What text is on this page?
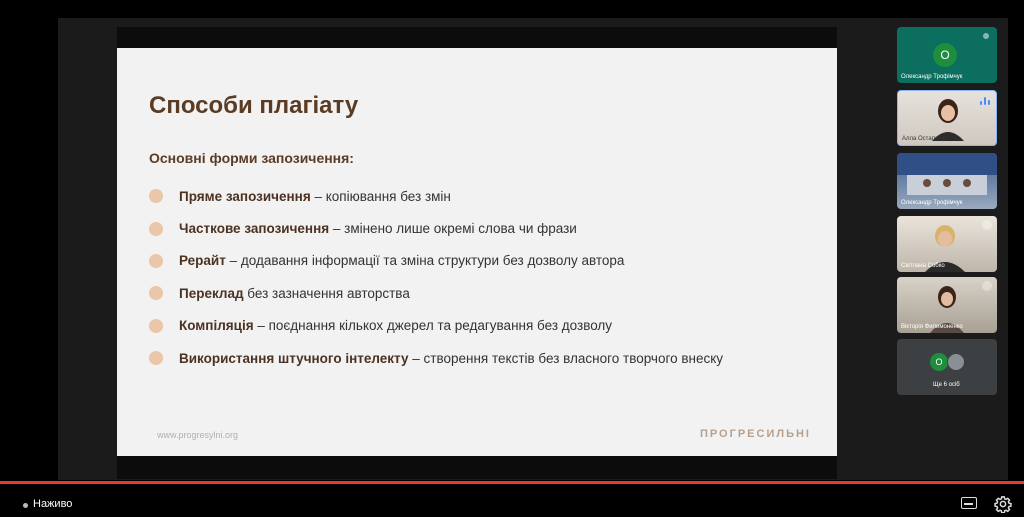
Способи плагіату
Основні форми запозичення:
Пряме запозичення – копіювання без змін
Часткове запозичення – змінено лише окремі слова чи фрази
Рерайт – додавання інформації та зміна структури без дозволу автора
Переклад без зазначення авторства
Компіляція – поєднання кількох джерел та редагування без дозволу
Використання штучного інтелекту – створення текстів без власного творчого внеску
www.progresylni.org	ПРОГРЕСИЛЬНІ
О
Олександр Трофімчук
Алла Остапенко
Олександр Трофімчук
Світлана Собко
Вікторія Филимоненко
О
Ще 6 осіб
Наживо
